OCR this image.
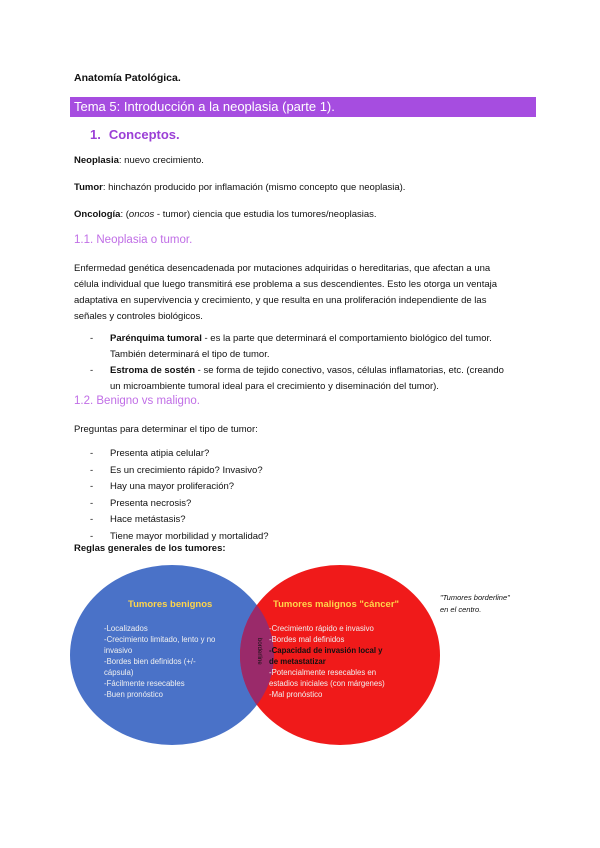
Anatomía Patológica.
Tema 5: Introducción a la neoplasia (parte 1).
1. Conceptos.
Neoplasia: nuevo crecimiento.
Tumor: hinchazón producido por inflamación (mismo concepto que neoplasia).
Oncología: (oncos - tumor) ciencia que estudia los tumores/neoplasias.
1.1. Neoplasia o tumor.
Enfermedad genética desencadenada por mutaciones adquiridas o hereditarias, que afectan a una
célula individual que luego transmitirá ese problema a sus descendientes. Esto les otorga un ventaja
adaptativa en supervivencia y crecimiento, y que resulta en una proliferación independiente de las
señales y controles biológicos.
- Parénquima tumoral - es la parte que determinará el comportamiento biológico del tumor.
También determinará el tipo de tumor.
- Estroma de sostén - se forma de tejido conectivo, vasos, células inflamatorias, etc. (creando
un microambiente tumoral ideal para el crecimiento y diseminación del tumor).
1.2. Benigno vs maligno.
Preguntas para determinar el tipo de tumor:
- Presenta atipia celular?
- Es un crecimiento rápido? Invasivo?
- Hay una mayor proliferación?
- Presenta necrosis?
- Hace metástasis?
- Tiene mayor morbilidad y mortalidad?
Reglas generales de los tumores:
borderline
Tumores benignos
-Localizados
-Crecimiento limitado, lento y no
invasivo
-Bordes bien definidos (+/-
cápsula)
-Fácilmente resecables
-Buen pronóstico
Tumores malignos "cáncer"
-Crecimiento rápido e invasivo
-Bordes mal definidos
-Capacidad de invasión local y
de metastatizar
-Potencialmente resecables en
estadios iniciales (con márgenes)
-Mal pronóstico
"Tumores borderline"
en el centro.
